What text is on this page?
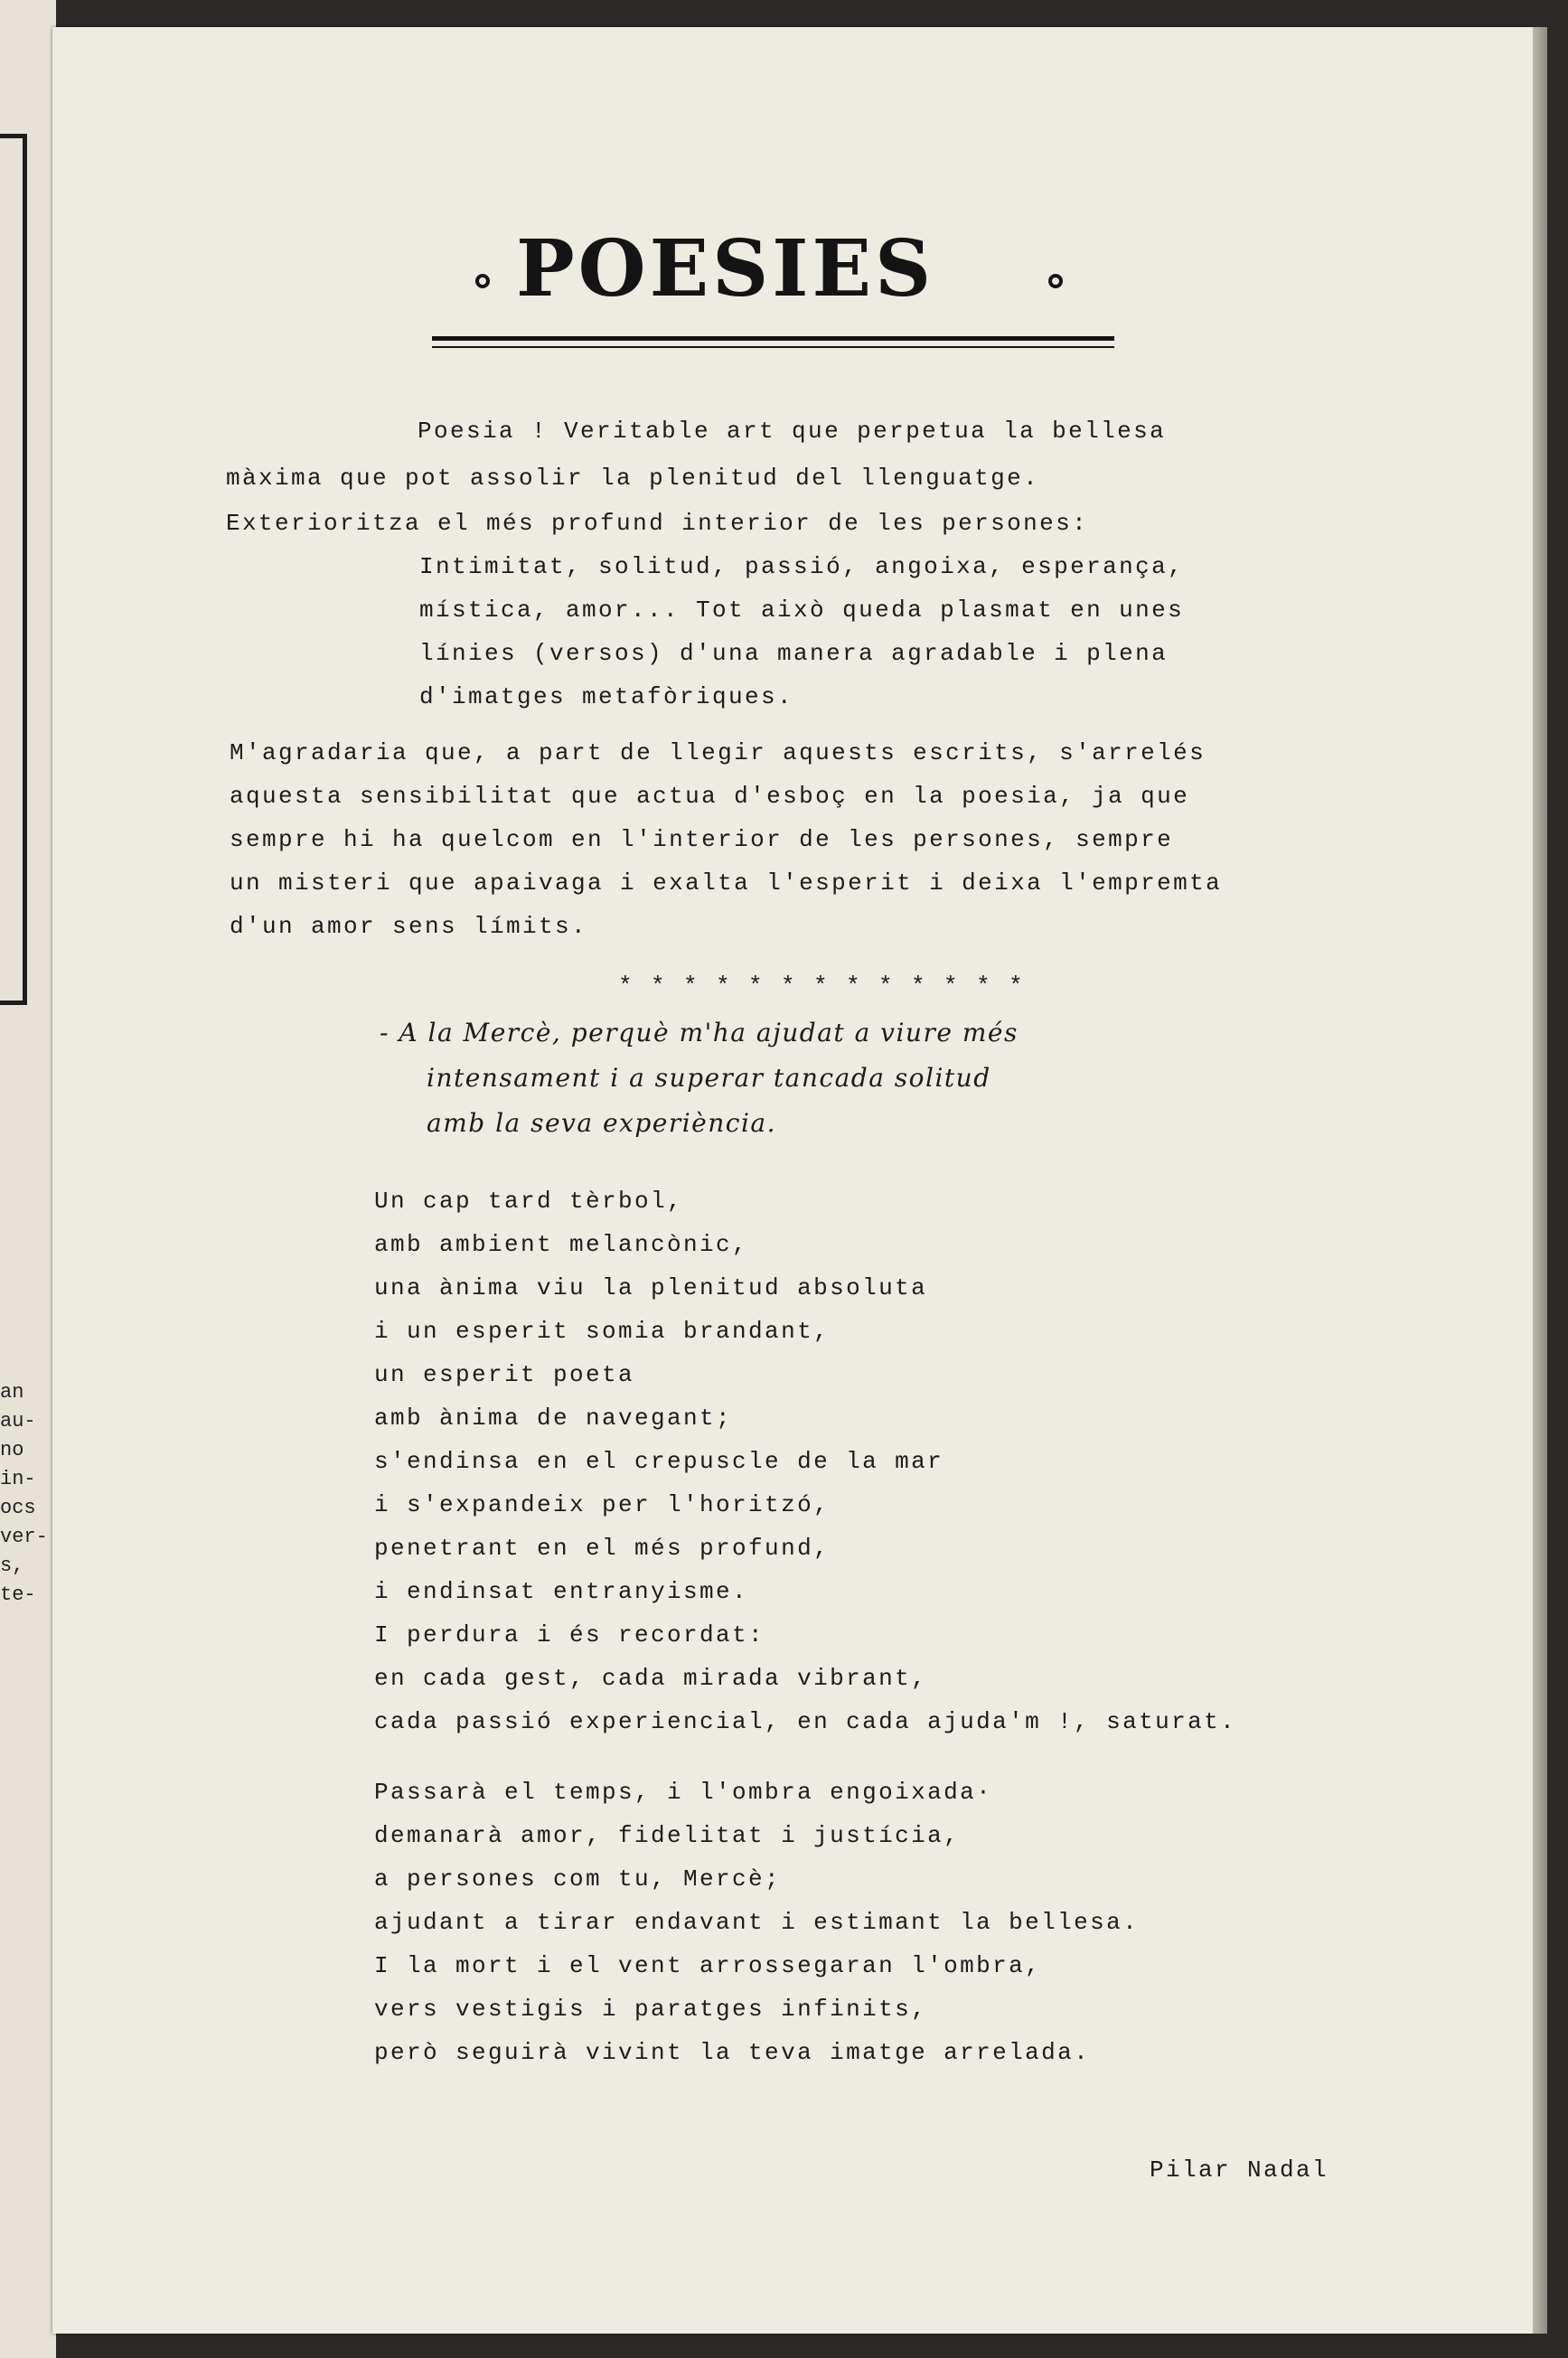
an
au-
no
in-
ocs
ver-
s,
te-
POESIES
Poesia ! Veritable art que perpetua la bellesa
màxima que pot assolir la plenitud del llenguatge.
Exterioritza el més profund interior de les persones:
Intimitat, solitud, passió, angoixa, esperança,
mística, amor... Tot això queda plasmat en unes
línies (versos) d'una manera agradable i plena
d'imatges metafòriques.
M'agradaria que, a part de llegir aquests escrits, s'arrelés
aquesta sensibilitat que actua d'esboç en la poesia, ja que
sempre hi ha quelcom en l'interior de les persones, sempre
un misteri que apaivaga i exalta l'esperit i deixa l'empremta
d'un amor sens límits.
* * * * * * * * * * * * *
- A la Mercè, perquè m'ha ajudat a viure més
intensament i a superar tancada solitud
amb la seva experiència.
Un cap tard tèrbol,
amb ambient melancònic,
una ànima viu la plenitud absoluta
i un esperit somia brandant,
un esperit poeta
amb ànima de navegant;
s'endinsa en el crepuscle de la mar
i s'expandeix per l'horitzó,
penetrant en el més profund,
i endinsat entranyisme.
I perdura i és recordat:
en cada gest, cada mirada vibrant,
cada passió experiencial, en cada ajuda'm !, saturat.
Passarà el temps, i l'ombra engoixada·
demanarà amor, fidelitat i justícia,
a persones com tu, Mercè;
ajudant a tirar endavant i estimant la bellesa.
I la mort i el vent arrossegaran l'ombra,
vers vestigis i paratges infinits,
però seguirà vivint la teva imatge arrelada.
Pilar Nadal
